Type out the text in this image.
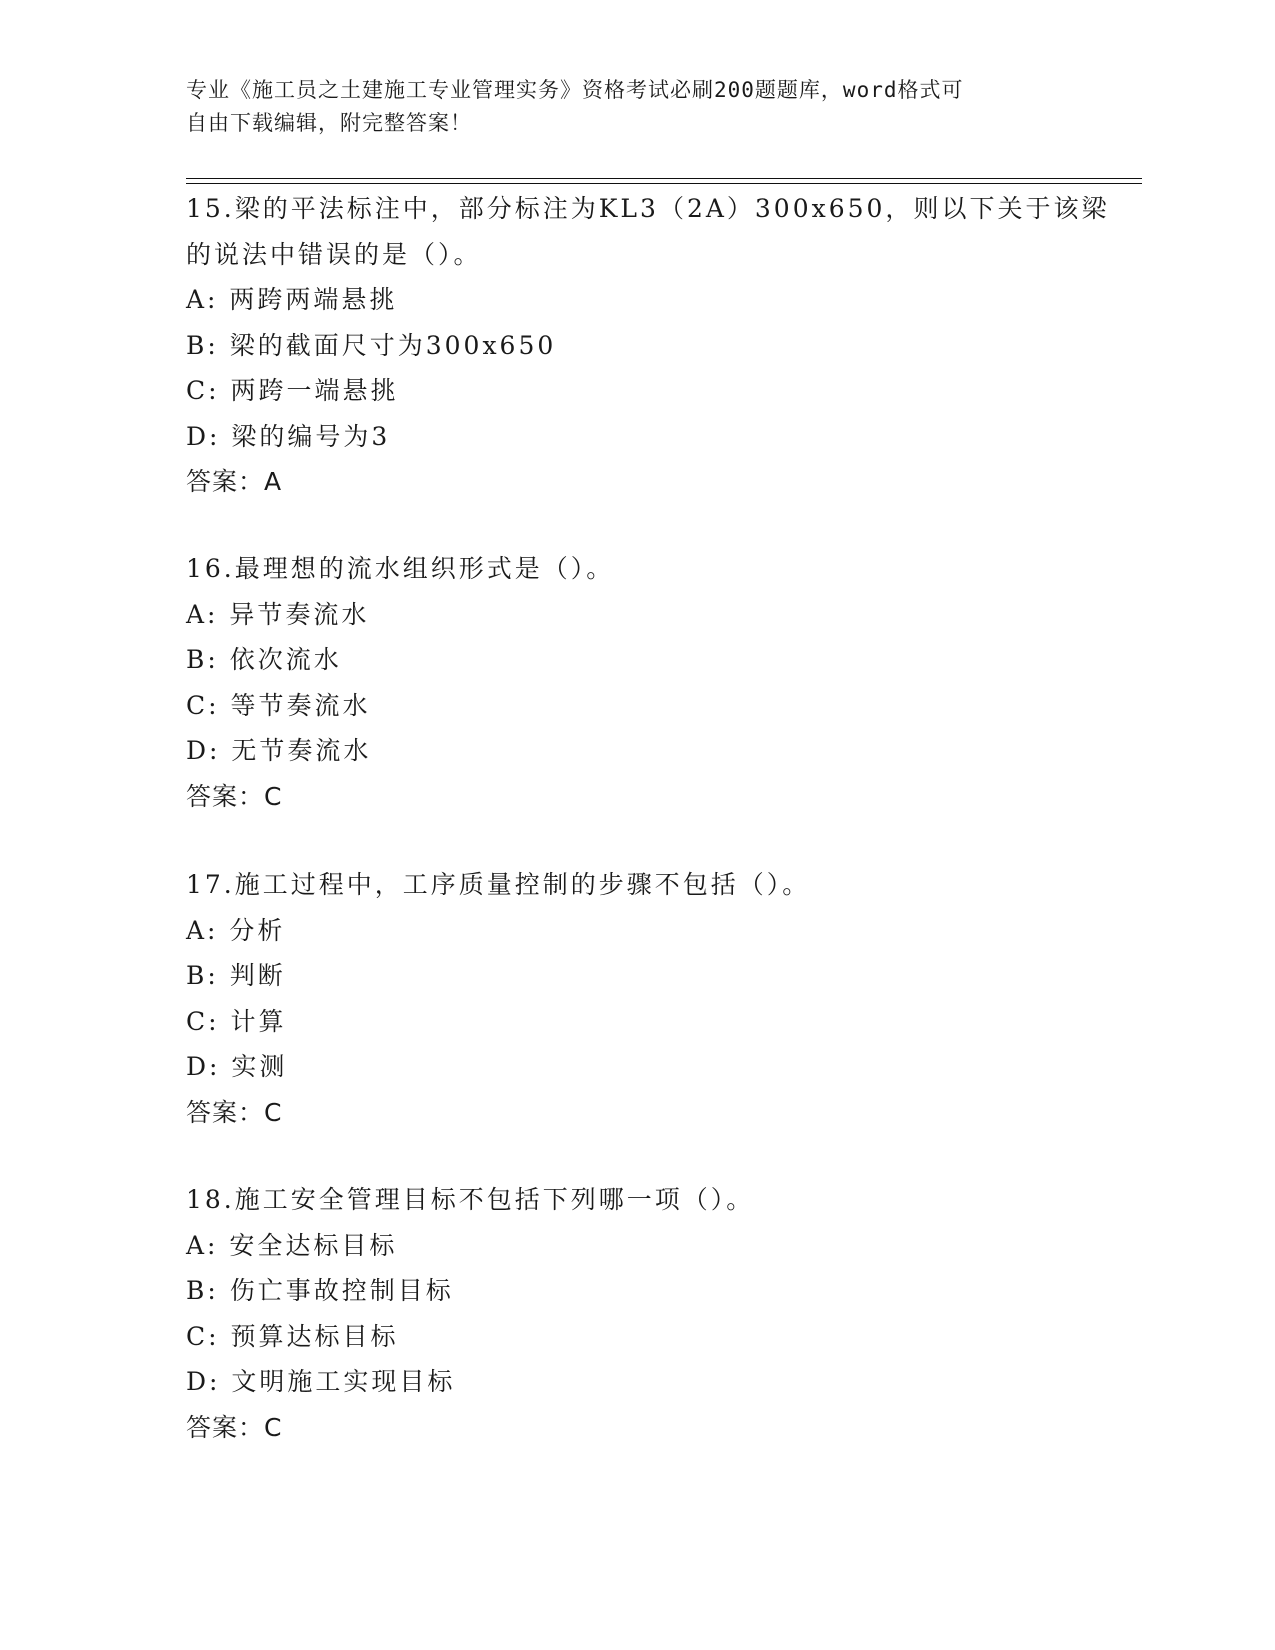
专业《施工员之土建施工专业管理实务》资格考试必刷200题题库，word格式可
自由下载编辑，附完整答案！
15.梁的平法标注中，部分标注为KL3（2A）300x650，则以下关于该梁
的说法中错误的是（）。
A: 两跨两端悬挑
B: 梁的截面尺寸为300x650
C: 两跨一端悬挑
D: 梁的编号为3
答案：A
16.最理想的流水组织形式是（）。
A: 异节奏流水
B: 依次流水
C: 等节奏流水
D: 无节奏流水
答案：C
17.施工过程中，工序质量控制的步骤不包括（）。
A: 分析
B: 判断
C: 计算
D: 实测
答案：C
18.施工安全管理目标不包括下列哪一项（）。
A: 安全达标目标
B: 伤亡事故控制目标
C: 预算达标目标
D: 文明施工实现目标
答案：C
